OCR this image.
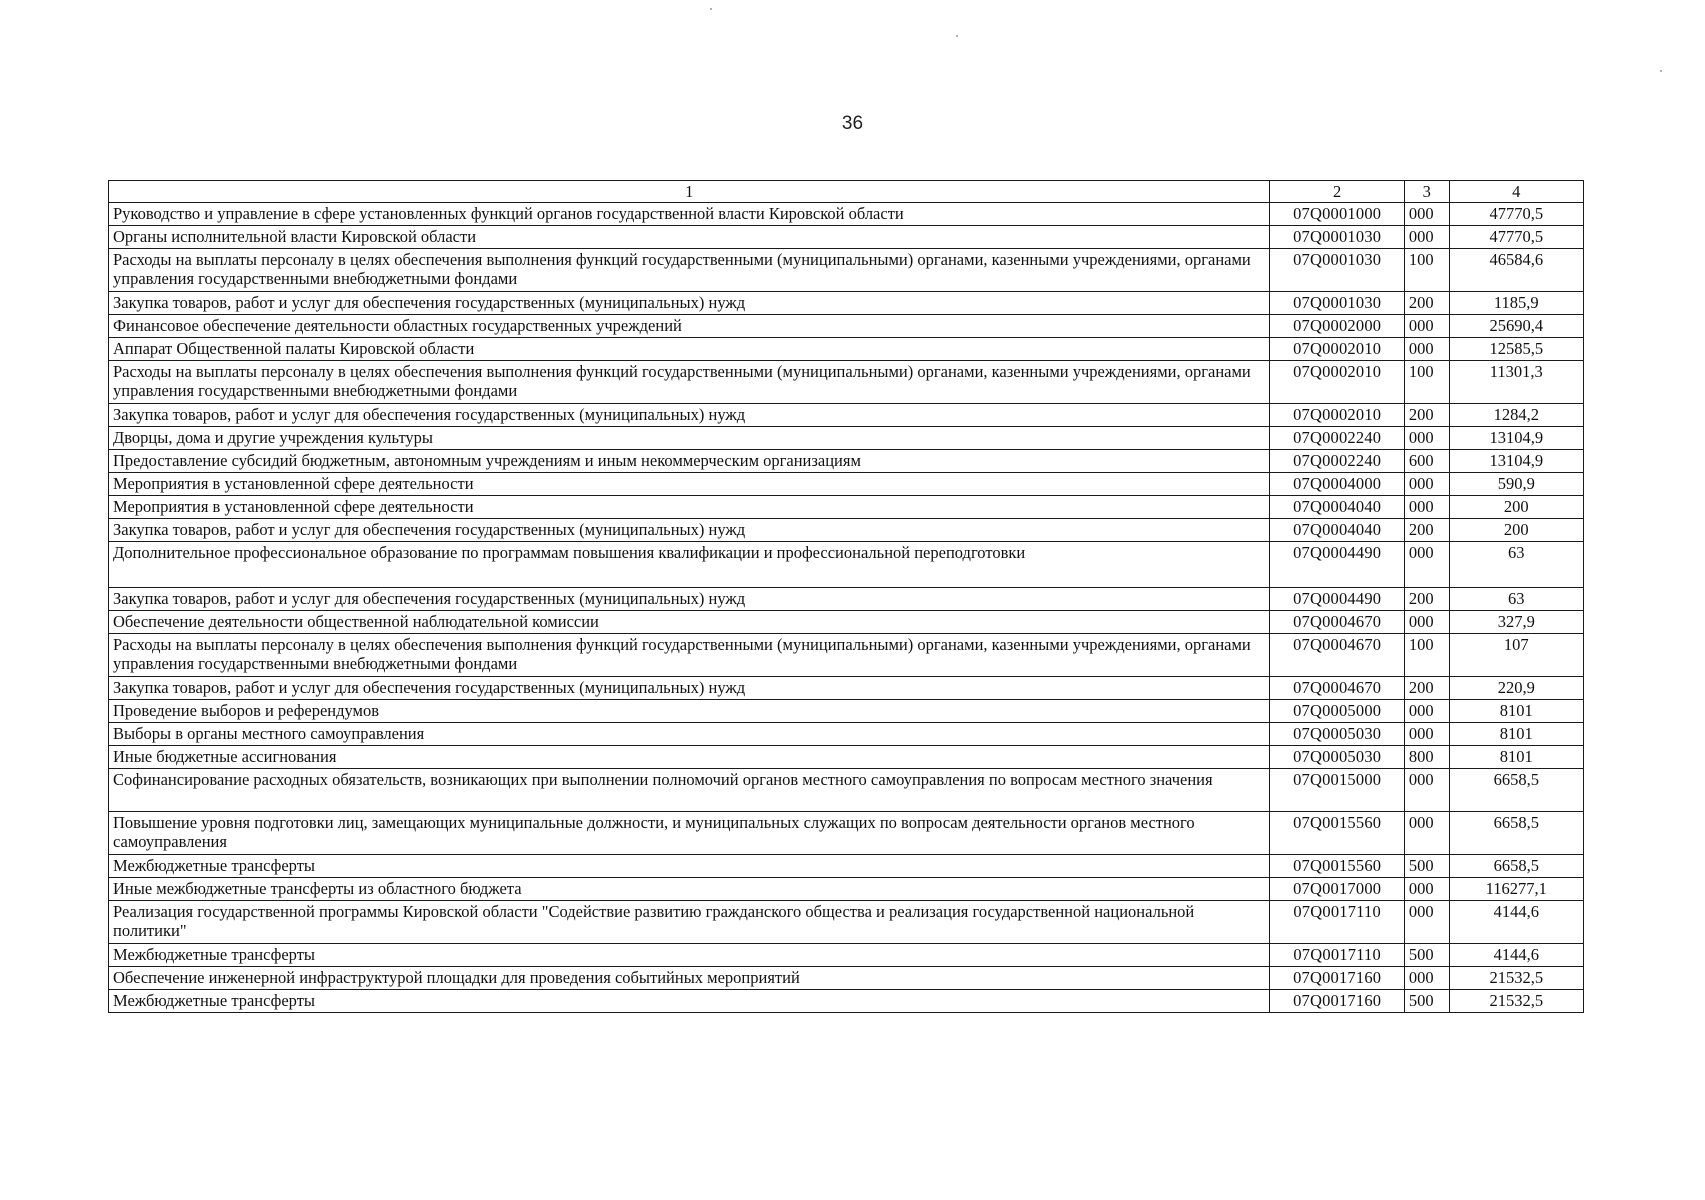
36
1	2	3	4
Руководство и управление в сфере установленных функций органов государственной власти Кировской области	07Q0001000	000	47770,5
Органы исполнительной власти Кировской области	07Q0001030	000	47770,5
Расходы на выплаты персоналу в целях обеспечения выполнения функций государственными (муниципальными) органами, казенными учреждениями, органами управления государственными внебюджетными фондами	07Q0001030	100	46584,6
Закупка товаров, работ и услуг для обеспечения государственных (муниципальных) нужд	07Q0001030	200	1185,9
Финансовое обеспечение деятельности областных государственных учреждений	07Q0002000	000	25690,4
Аппарат Общественной палаты Кировской области	07Q0002010	000	12585,5
Расходы на выплаты персоналу в целях обеспечения выполнения функций государственными (муниципальными) органами, казенными учреждениями, органами управления государственными внебюджетными фондами	07Q0002010	100	11301,3
Закупка товаров, работ и услуг для обеспечения государственных (муниципальных) нужд	07Q0002010	200	1284,2
Дворцы, дома и другие учреждения культуры	07Q0002240	000	13104,9
Предоставление субсидий бюджетным, автономным учреждениям и иным некоммерческим организациям	07Q0002240	600	13104,9
Мероприятия в установленной сфере деятельности	07Q0004000	000	590,9
Мероприятия в установленной сфере деятельности	07Q0004040	000	200
Закупка товаров, работ и услуг для обеспечения государственных (муниципальных) нужд	07Q0004040	200	200
Дополнительное профессиональное образование по программам повышения квалификации и профессиональной переподготовки	07Q0004490	000	63
Закупка товаров, работ и услуг для обеспечения государственных (муниципальных) нужд	07Q0004490	200	63
Обеспечение деятельности общественной наблюдательной комиссии	07Q0004670	000	327,9
Расходы на выплаты персоналу в целях обеспечения выполнения функций государственными (муниципальными) органами, казенными учреждениями, органами управления государственными внебюджетными фондами	07Q0004670	100	107
Закупка товаров, работ и услуг для обеспечения государственных (муниципальных) нужд	07Q0004670	200	220,9
Проведение выборов и референдумов	07Q0005000	000	8101
Выборы в органы местного самоуправления	07Q0005030	000	8101
Иные бюджетные ассигнования	07Q0005030	800	8101
Софинансирование расходных обязательств, возникающих при выполнении полномочий органов местного самоуправления по вопросам местного значения	07Q0015000	000	6658,5
Повышение уровня подготовки лиц, замещающих муниципальные должности, и муниципальных служащих по вопросам деятельности органов местного самоуправления	07Q0015560	000	6658,5
Межбюджетные трансферты	07Q0015560	500	6658,5
Иные межбюджетные трансферты из областного бюджета	07Q0017000	000	116277,1
Реализация государственной программы Кировской области "Содействие развитию гражданского общества и реализация государственной национальной политики"	07Q0017110	000	4144,6
Межбюджетные трансферты	07Q0017110	500	4144,6
Обеспечение инженерной инфраструктурой площадки для проведения событийных мероприятий	07Q0017160	000	21532,5
Межбюджетные трансферты	07Q0017160	500	21532,5
